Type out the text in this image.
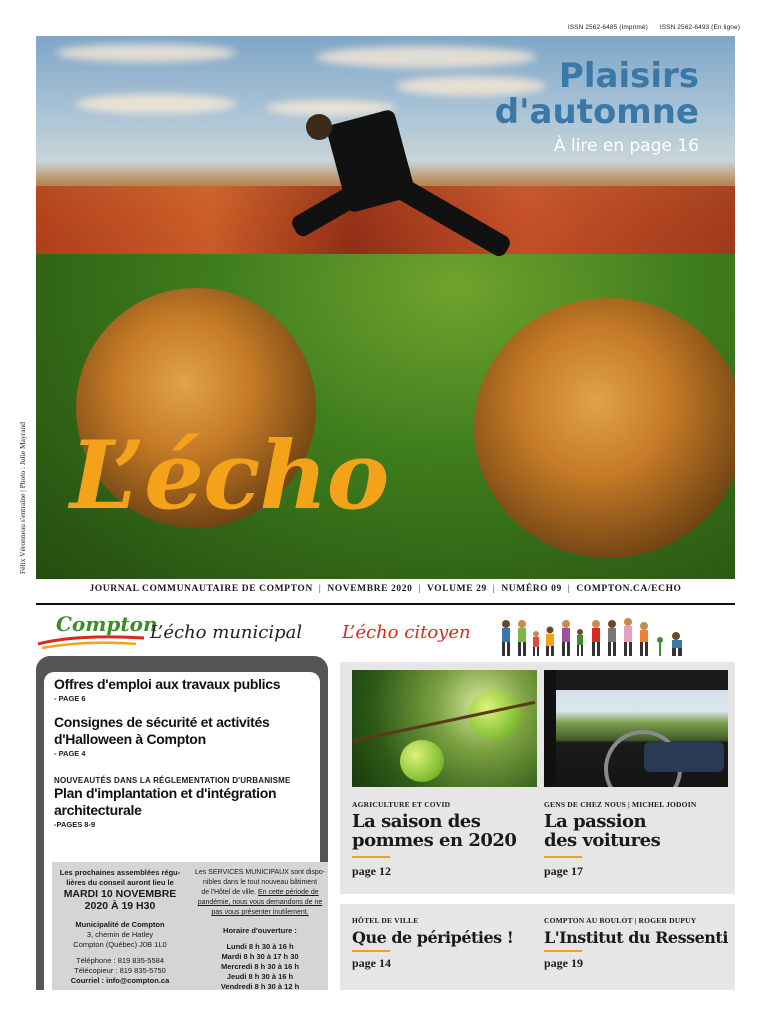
ISSN 2562-6485 (Imprimé) ISSN 2562-6493 (En ligne)
Plaisirs
d'automne
À lire en page 16
L’écho
Félix Véronneau s'entraîne | Photo : Julie Mayrand
JOURNAL COMMUNAUTAIRE DE COMPTON | NOVEMBRE 2020 | VOLUME 29 | NUMÉRO 09 | COMPTON.CA/ECHO
Compton
L’écho municipal L’écho citoyen
Offres d'emploi aux travaux publics
- PAGE 6
Consignes de sécurité et activités
d'Halloween à Compton
- PAGE 4
NOUVEAUTÉS DANS LA RÉGLEMENTATION D'URBANISME
Plan d'implantation et d'intégration
architecturale
-PAGES 8-9
Les prochaines assemblées régu-
lières du conseil auront lieu le
MARDI 10 NOVEMBRE
2020 À 19 H30
Municipalité de Compton
3, chemin de Hatley
Compton (Québec) J0B 1L0
Téléphone : 819 835-5584
Télécopieur : 819 835-5750
Courriel : info@compton.ca
Les SERVICES MUNICIPAUX sont dispo-
nibles dans le tout nouveau bâtiment
de l'Hôtel de ville. En cette période de
pandémie, nous vous demandons de ne
pas vous présenter inutilement.
Horaire d'ouverture :
Lundi 8 h 30 à 16 h
Mardi 8 h 30 à 17 h 30
Mercredi 8 h 30 à 16 h
Jeudi 8 h 30 à 16 h
Vendredi 8 h 30 à 12 h
AGRICULTURE ET COVID
La saison des
pommes en 2020
page 12
GENS DE CHEZ NOUS | MICHEL JODOIN
La passion
des voitures
page 17
HÔTEL DE VILLE
Que de péripéties !
page 14
COMPTON AU BOULOT | ROGER DUPUY
L'Institut du Ressenti
page 19
